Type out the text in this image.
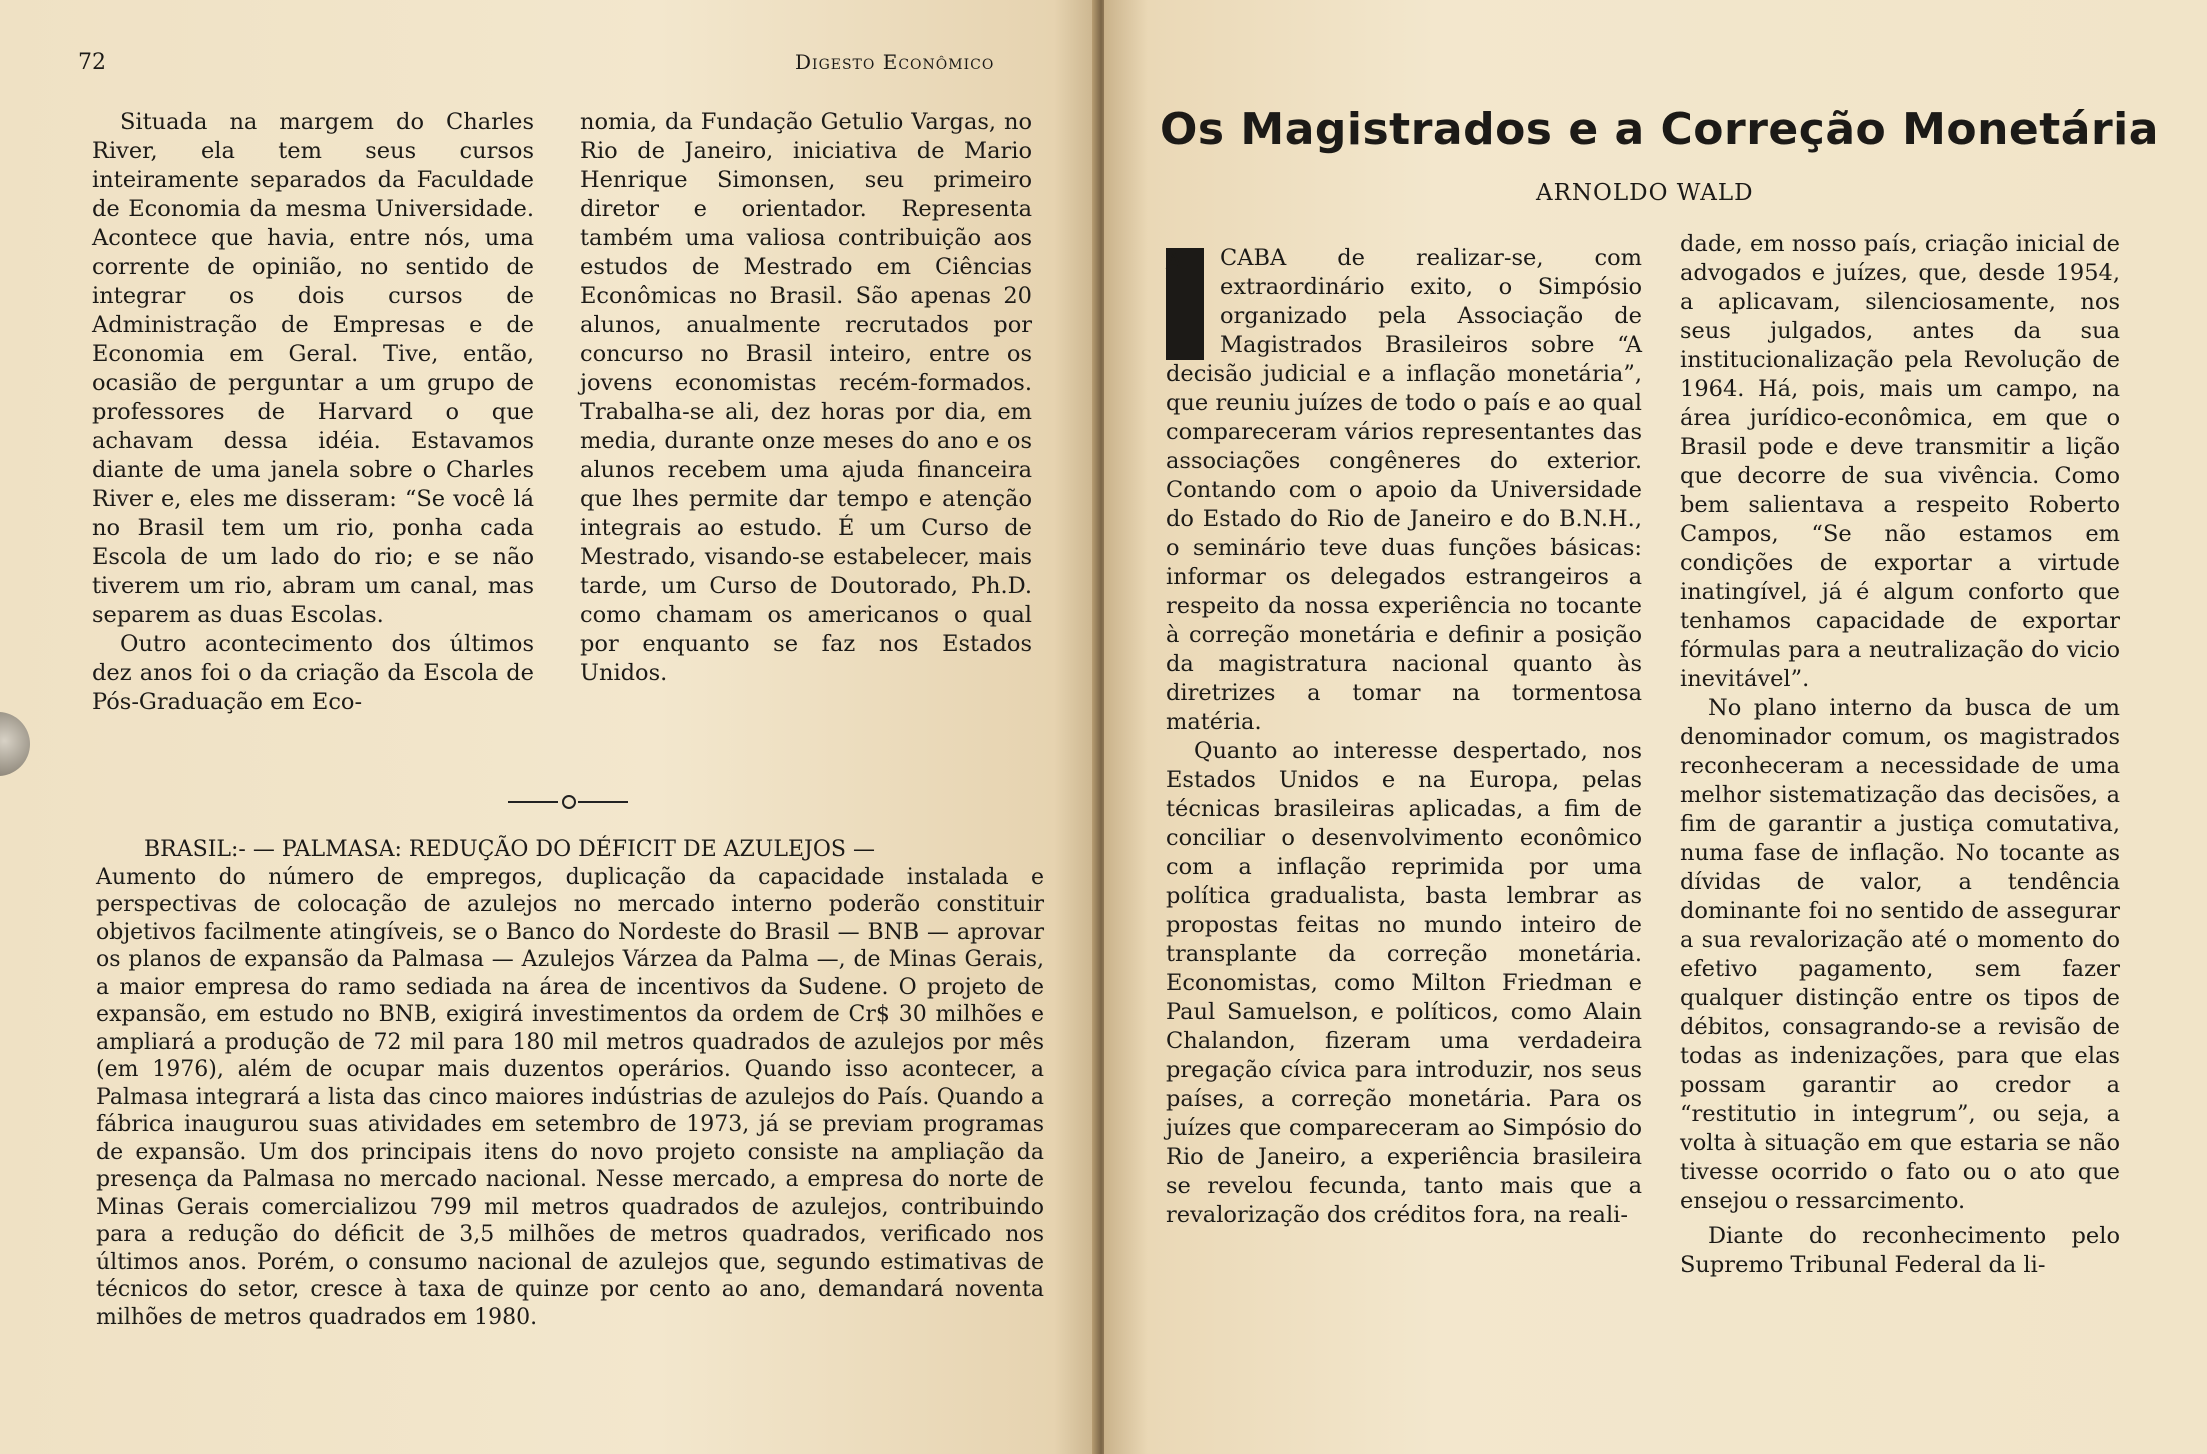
72	Digesto Econômico

Situada na margem do Charles River, ela tem seus cursos inteiramente separados da Faculdade de Economia da mesma Universidade. Acontece que havia, entre nós, uma corrente de opinião, no sentido de integrar os dois cursos de Administração de Empresas e de Economia em Geral. Tive, então, ocasião de perguntar a um grupo de professores de Harvard o que achavam dessa idéia. Estavamos diante de uma janela sobre o Charles River e, eles me disseram: “Se você lá no Brasil tem um rio, ponha cada Escola de um lado do rio; e se não tiverem um rio, abram um canal, mas separem as duas Escolas.

Outro acontecimento dos últimos dez anos foi o da criação da Escola de Pós-Graduação em Eco-

nomia, da Fundação Getulio Vargas, no Rio de Janeiro, iniciativa de Mario Henrique Simonsen, seu primeiro diretor e orientador. Representa também uma valiosa contribuição aos estudos de Mestrado em Ciências Econômicas no Brasil. São apenas 20 alunos, anualmente recrutados por concurso no Brasil inteiro, entre os jovens economistas recém-formados. Trabalha-se ali, dez horas por dia, em media, durante onze meses do ano e os alunos recebem uma ajuda financeira que lhes permite dar tempo e atenção integrais ao estudo. É um Curso de Mestrado, visando-se estabelecer, mais tarde, um Curso de Doutorado, Ph.D. como chamam os americanos o qual por enquanto se faz nos Estados Unidos.

BRASIL:- — PALMASA: REDUÇÃO DO DÉFICIT DE AZULEJOS —
Aumento do número de empregos, duplicação da capacidade instalada e perspectivas de colocação de azulejos no mercado interno poderão constituir objetivos facilmente atingíveis, se o Banco do Nordeste do Brasil — BNB — aprovar os planos de expansão da Palmasa — Azulejos Várzea da Palma —, de Minas Gerais, a maior empresa do ramo sediada na área de incentivos da Sudene. O projeto de expansão, em estudo no BNB, exigirá investimentos da ordem de Cr$ 30 milhões e ampliará a produção de 72 mil para 180 mil metros quadrados de azulejos por mês (em 1976), além de ocupar mais duzentos operários. Quando isso acontecer, a Palmasa integrará a lista das cinco maiores indústrias de azulejos do País. Quando a fábrica inaugurou suas atividades em setembro de 1973, já se previam programas de expansão. Um dos principais itens do novo projeto consiste na ampliação da presença da Palmasa no mercado nacional. Nesse mercado, a empresa do norte de Minas Gerais comercializou 799 mil metros quadrados de azulejos, contribuindo para a redução do déficit de 3,5 milhões de metros quadrados, verificado nos últimos anos. Porém, o consumo nacional de azulejos que, segundo estimativas de técnicos do setor, cresce à taxa de quinze por cento ao ano, demandará noventa milhões de metros quadrados em 1980.
Os Magistrados e a Correção Monetária
ARNOLDO WALD

A	CABA de realizar-se, com extraordinário exito, o Simpósio organizado pela Associação de Magistrados Brasileiros sobre “A decisão judicial e a inflação monetária”, que reuniu juízes de todo o país e ao qual compareceram vários representantes das associações congêneres do exterior. Contando com o apoio da Universidade do Estado do Rio de Janeiro e do B.N.H., o seminário teve duas funções básicas: informar os delegados estrangeiros a respeito da nossa experiência no tocante à correção monetária e definir a posição da magistratura nacional quanto às diretrizes a tomar na tormentosa matéria.

Quanto ao interesse despertado, nos Estados Unidos e na Europa, pelas técnicas brasileiras aplicadas, a fim de conciliar o desenvolvimento econômico com a inflação reprimida por uma política gradualista, basta lembrar as propostas feitas no mundo inteiro de transplante da correção monetária. Economistas, como Milton Friedman e Paul Samuelson, e políticos, como Alain Chalandon, fizeram uma verdadeira pregação cívica para introduzir, nos seus países, a correção monetária. Para os juízes que compareceram ao Simpósio do Rio de Janeiro, a experiência brasileira se revelou fecunda, tanto mais que a revalorização dos créditos fora, na reali-

dade, em nosso país, criação inicial de advogados e juízes, que, desde 1954, a aplicavam, silenciosamente, nos seus julgados, antes da sua institucionalização pela Revolução de 1964. Há, pois, mais um campo, na área jurídico-econômica, em que o Brasil pode e deve transmitir a lição que decorre de sua vivência. Como bem salientava a respeito Roberto Campos, “Se não estamos em condições de exportar a virtude inatingível, já é algum conforto que tenhamos capacidade de exportar fórmulas para a neutralização do vicio inevitável”.

No plano interno da busca de um denominador comum, os magistrados reconheceram a necessidade de uma melhor sistematização das decisões, a fim de garantir a justiça comutativa, numa fase de inflação. No tocante as dívidas de valor, a tendência dominante foi no sentido de assegurar a sua revalorização até o momento do efetivo pagamento, sem fazer qualquer distinção entre os tipos de débitos, consagrando-se a revisão de todas as indenizações, para que elas possam garantir ao credor a “restitutio in integrum”, ou seja, a volta à situação em que estaria se não tivesse ocorrido o fato ou o ato que ensejou o ressarcimento.

Diante do reconhecimento pelo Supremo Tribunal Federal da li-
